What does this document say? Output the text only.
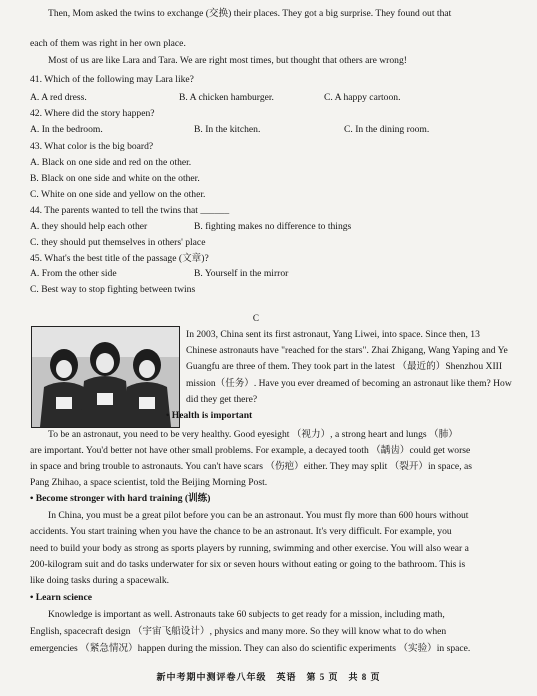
Then, Mom asked the twins to exchange (交换) their places. They got a big surprise. They found out that
each of them was right in her own place.
Most of us are like Lara and Tara. We are right most times, but thought that others are wrong!
41. Which of the following may Lara like?
A. A red dress.	B. A chicken hamburger.	C. A happy cartoon.
42. Where did the story happen?
A. In the bedroom.	B. In the kitchen.	C. In the dining room.
43. What color is the big board?
A. Black on one side and red on the other.
B. Black on one side and white on the other.
C. White on one side and yellow on the other.
44. The parents wanted to tell the twins that ______
A. they should help each other	B. fighting makes no difference to things
C. they should put themselves in others' place
45. What's the best title of the passage (文章)?
A. From the other side	B. Yourself in the mirror
C. Best way to stop fighting between twins
C
In 2003, China sent its first astronaut, Yang Liwei, into space. Since then, 13
Chinese astronauts have "reached for the stars". Zhai Zhigang, Wang Yaping and Ye
Guangfu are three of them. They took part in the latest （最近的）Shenzhou XIII
mission（任务）. Have you ever dreamed of becoming an astronaut like them? How
did they get there?
• Health is important
To be an astronaut, you need to be very healthy. Good eyesight （视力）, a strong heart and lungs （肺）
are important. You'd better not have other small problems. For example, a decayed tooth （龋齿）could get worse
in space and bring trouble to astronauts. You can't have scars （伤疤）either. They may split （裂开）in space, as
Pang Zhihao, a space scientist, told the Beijing Morning Post.
• Become stronger with hard training (训练)
In China, you must be a great pilot before you can be an astronaut. You must fly more than 600 hours without
accidents. You start training when you have the chance to be an astronaut. It's very difficult. For example, you
need to build your body as strong as sports players by running, swimming and other exercise. You will also wear a
200-kilogram suit and do tasks underwater for six or seven hours without eating or going to the bathroom. This is
like doing tasks during a spacewalk.
• Learn science
Knowledge is important as well. Astronauts take 60 subjects to get ready for a mission, including math,
English, spacecraft design （宇宙飞船设计）, physics and many more. So they will know what to do when
emergencies （紧急情况）happen during the mission. They can also do scientific experiments （实验）in space.
新中考期中测评卷八年级　英语　第 5 页　共 8 页
